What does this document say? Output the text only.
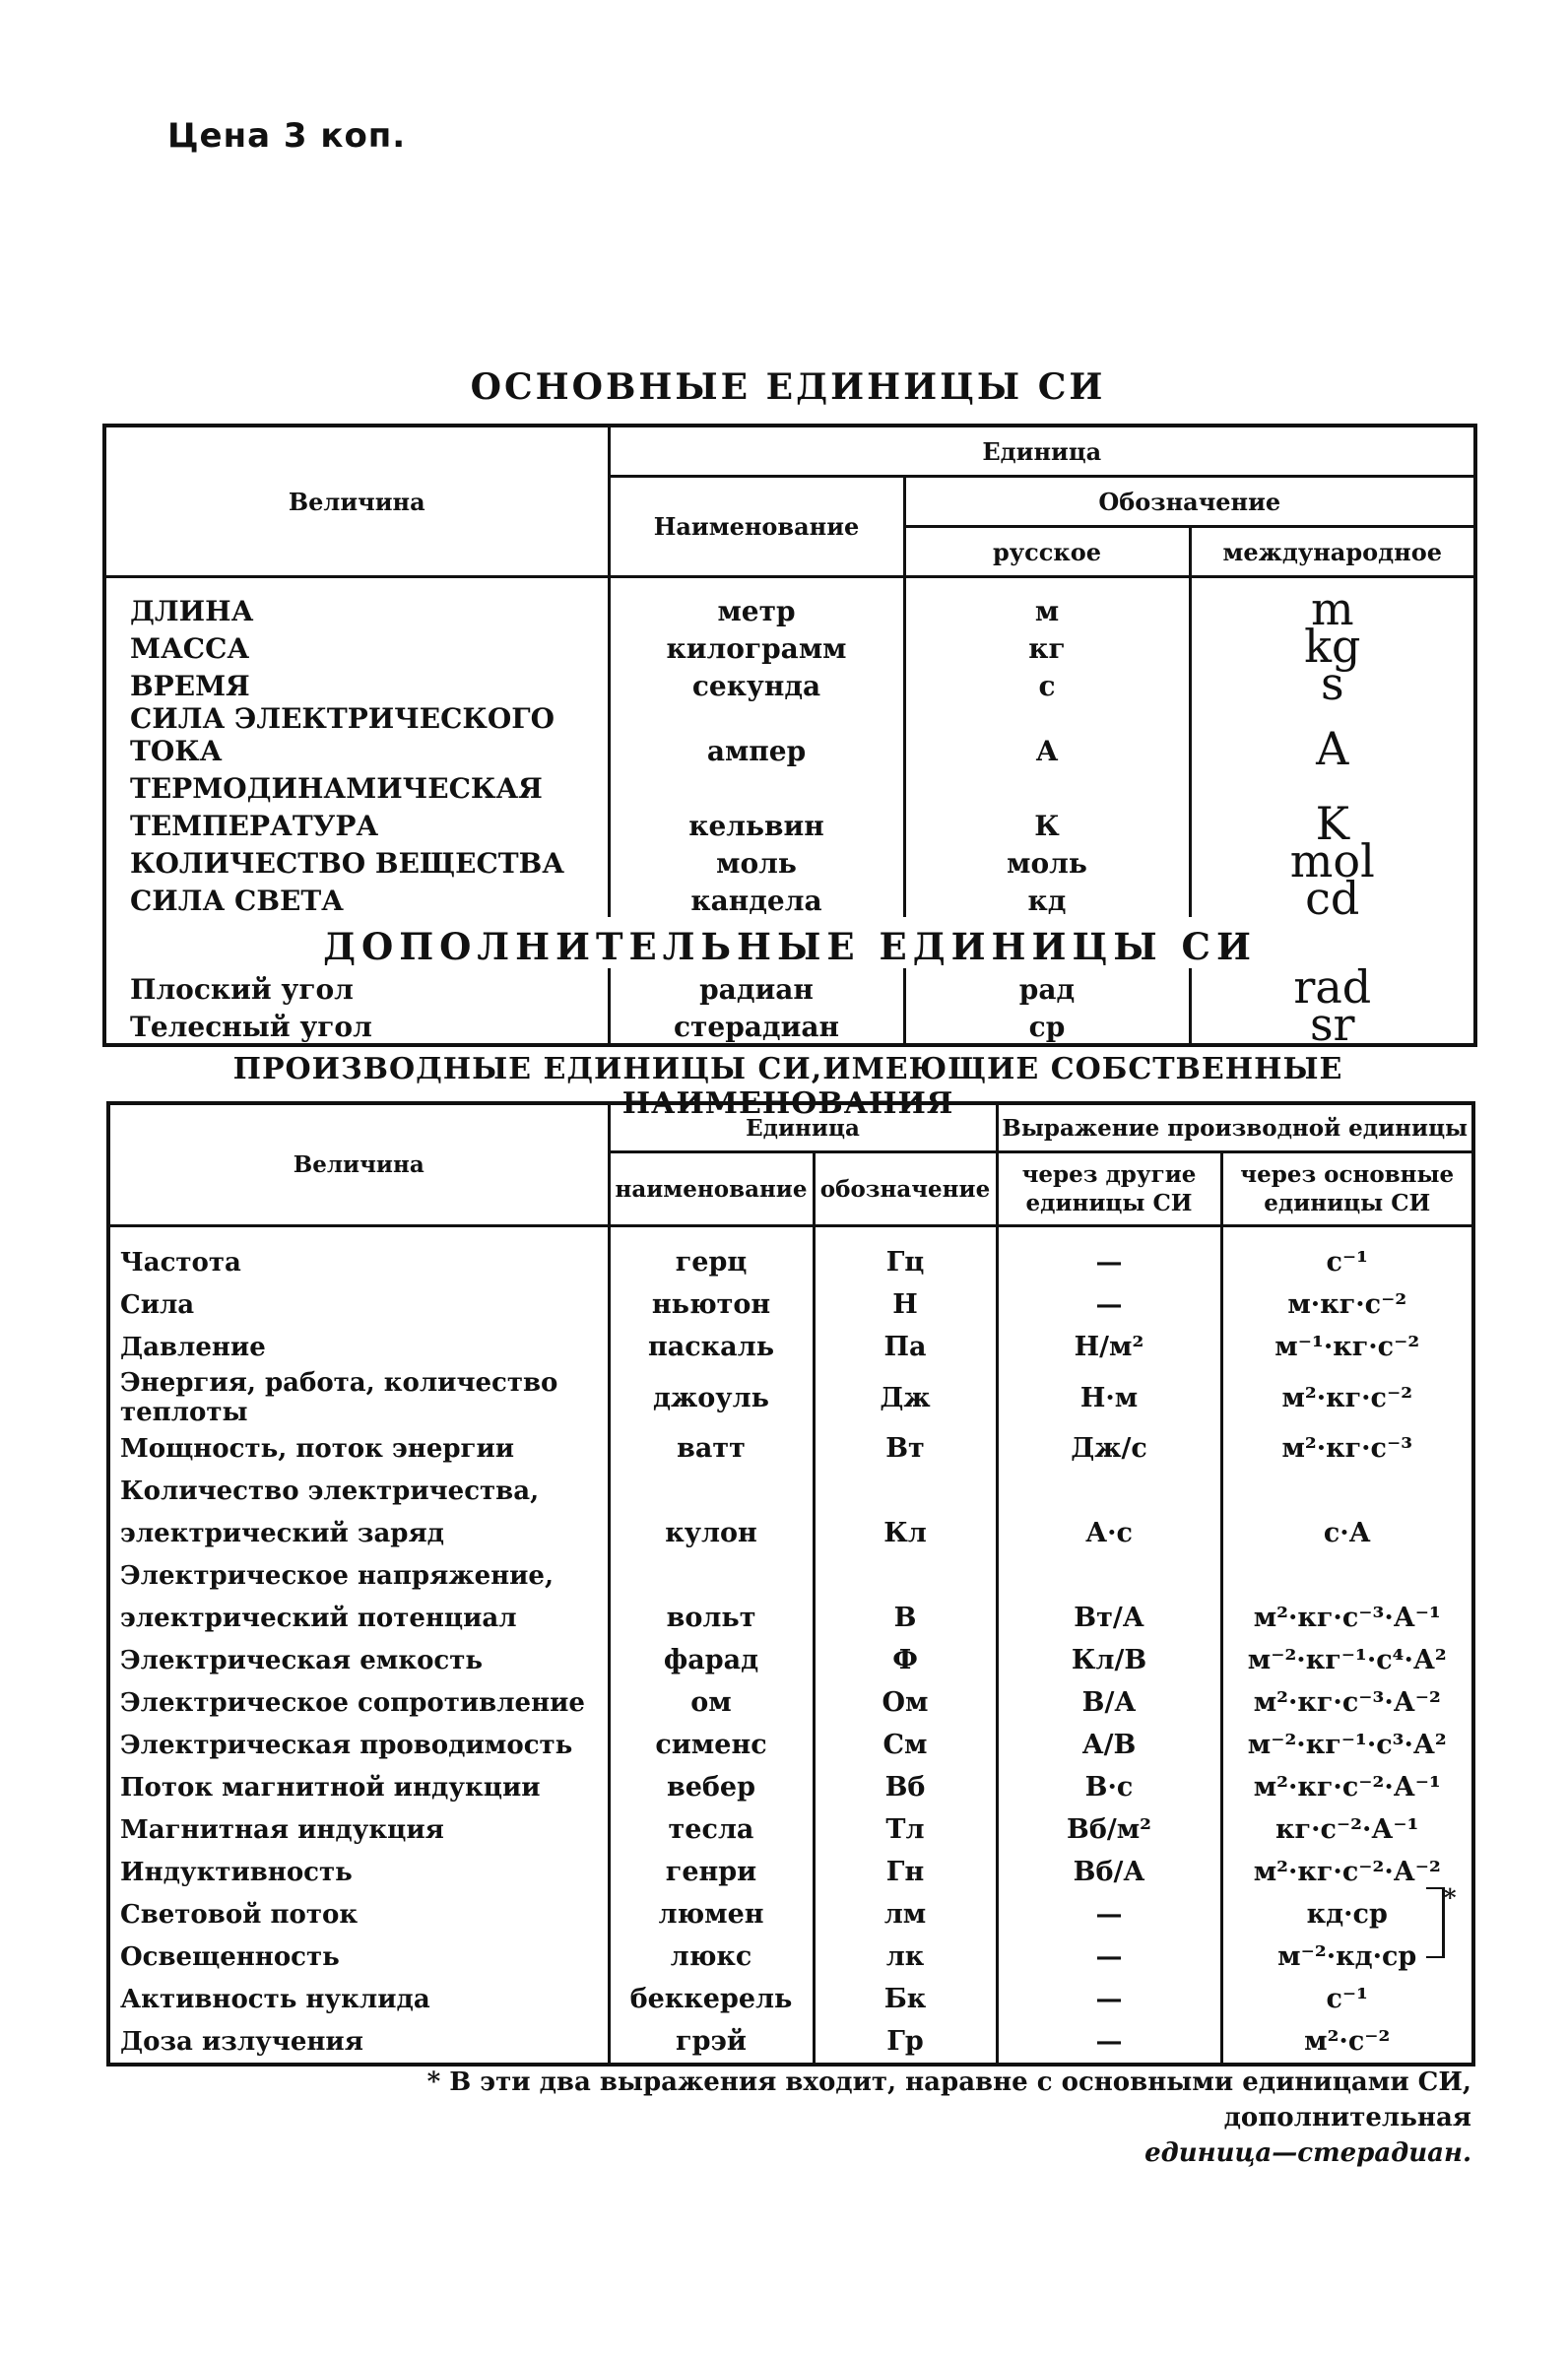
Цена 3 коп.
ОСНОВНЫЕ ЕДИНИЦЫ СИ
Величина	Единица		
	Наименование	Обозначение	
		русское	международное
ДЛИНА	метр	м	m
МАССА	килограмм	кг	kg
ВРЕМЯ	секунда	с	s
СИЛА ЭЛЕКТРИЧЕСКОГО ТОКА	ампер	А	A
ТЕРМОДИНАМИЧЕСКАЯ			
ТЕМПЕРАТУРА	кельвин	К	K
КОЛИЧЕСТВО ВЕЩЕСТВА	моль	моль	mol
СИЛА СВЕТА	кандела	кд	cd
ДОПОЛНИТЕЛЬНЫЕ ЕДИНИЦЫ СИ			
Плоский угол	радиан	рад	rad
Телесный угол	стерадиан	ср	sr
ПРОИЗВОДНЫЕ ЕДИНИЦЫ СИ,ИМЕЮЩИЕ СОБСТВЕННЫЕ НАИМЕНОВАНИЯ
Величина	Единица		Выражение производной единицы	
	наименование	обозначение	через другие единицы СИ	через основные единицы СИ
Частота	герц	Гц	—	с⁻¹
Сила	ньютон	Н	—	м·кг·с⁻²
Давление	паскаль	Па	Н/м²	м⁻¹·кг·с⁻²
Энергия, работа, количество теплоты	джоуль	Дж	Н·м	м²·кг·с⁻²
Мощность, поток энергии	ватт	Вт	Дж/с	м²·кг·с⁻³
Количество электричества,				
электрический заряд	кулон	Кл	А·с	с·А
Электрическое напряжение,				
электрический потенциал	вольт	В	Вт/А	м²·кг·с⁻³·А⁻¹
Электрическая емкость	фарад	Ф	Кл/В	м⁻²·кг⁻¹·с⁴·А²
Электрическое сопротивление	ом	Ом	В/А	м²·кг·с⁻³·А⁻²
Электрическая проводимость	сименс	См	А/В	м⁻²·кг⁻¹·с³·А²
Поток магнитной индукции	вебер	Вб	В·с	м²·кг·с⁻²·А⁻¹
Магнитная индукция	тесла	Тл	Вб/м²	кг·с⁻²·А⁻¹
Индуктивность	генри	Гн	Вб/А	м²·кг·с⁻²·А⁻²
Световой поток	люмен	лм	—	кд·ср
Освещенность	люкс	лк	—	м⁻²·кд·ср
Активность нуклида	беккерель	Бк	—	с⁻¹
Доза излучения	грэй	Гр	—	м²·с⁻²
*
* В эти два выражения входит, наравне с основными единицами СИ, дополнительная
единица—стерадиан.
